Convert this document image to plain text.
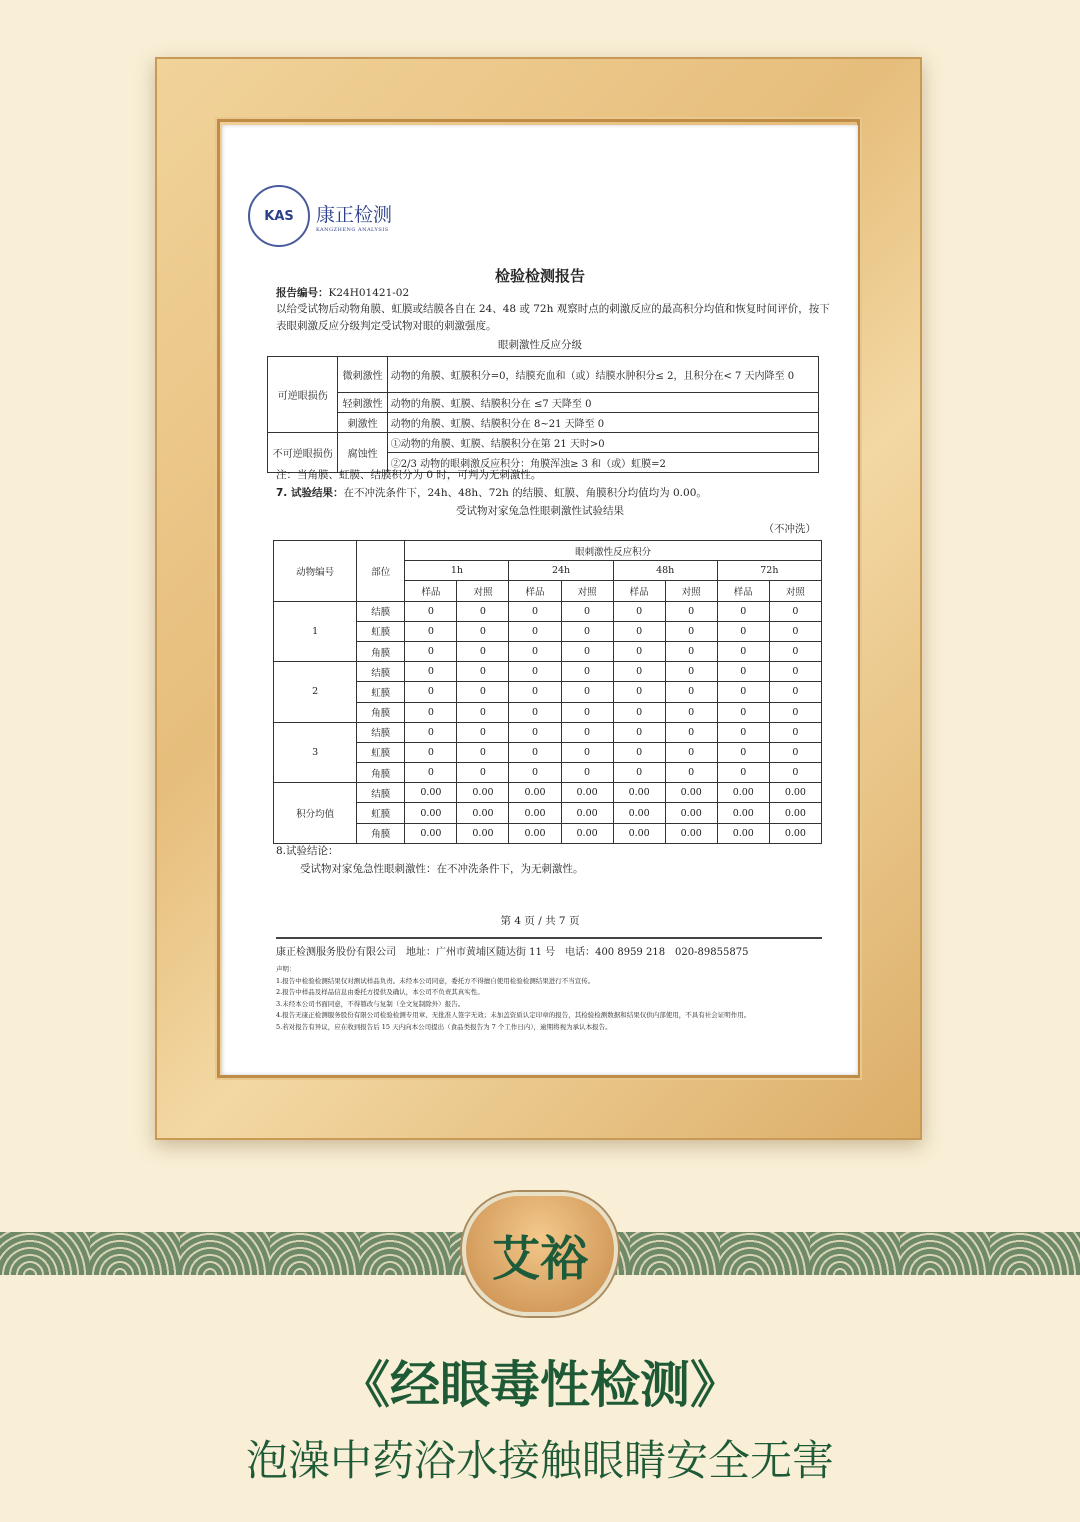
KAS	康正检测
KANGZHENG ANALYSIS
检验检测报告
报告编号：K24H01421-02
以给受试物后动物角膜、虹膜或结膜各自在 24、48 或 72h 观察时点的刺激反应的最高积分均值和恢复时间评价，按下表眼刺激反应分级判定受试物对眼的刺激强度。
眼刺激性反应分级
可逆眼损伤	微刺激性	动物的角膜、虹膜积分=0，结膜充血和（或）结膜水肿积分≤ 2，且积分在< 7 天内降至 0

	轻刺激性	动物的角膜、虹膜、结膜积分在 ≤7 天降至 0
	刺激性	动物的角膜、虹膜、结膜积分在 8~21 天降至 0
不可逆眼损伤	腐蚀性	①动物的角膜、虹膜、结膜积分在第 21 天时>0
		②2/3 动物的眼刺激反应积分：角膜浑浊≥ 3 和（或）虹膜=2
注：当角膜、虹膜、结膜积分为 0 时，可判为无刺激性。
7. 试验结果：在不冲洗条件下，24h、48h、72h 的结膜、虹膜、角膜积分均值均为 0.00。
受试物对家兔急性眼刺激性试验结果
（不冲洗）
动物编号	部位	眼刺激性反应积分							
		1h		24h		48h		72h	
		样品	对照	样品	对照	样品	对照	样品	对照
1	结膜	0	0	0	0	0	0	0	0
	虹膜	0	0	0	0	0	0	0	0
	角膜	0	0	0	0	0	0	0	0
2	结膜	0	0	0	0	0	0	0	0
	虹膜	0	0	0	0	0	0	0	0
	角膜	0	0	0	0	0	0	0	0
3	结膜	0	0	0	0	0	0	0	0
	虹膜	0	0	0	0	0	0	0	0
	角膜	0	0	0	0	0	0	0	0
积分均值	结膜	0.00	0.00	0.00	0.00	0.00	0.00	0.00	0.00
	虹膜	0.00	0.00	0.00	0.00	0.00	0.00	0.00	0.00
	角膜	0.00	0.00	0.00	0.00	0.00	0.00	0.00	0.00
8.试验结论：
受试物对家兔急性眼刺激性：在不冲洗条件下，为无刺激性。
第 4 页 / 共 7 页
康正检测服务股份有限公司　地址：广州市黄埔区随达街 11 号　电话：400 8959 218　020-89855875
声明：
1.报告中检验检测结果仅对测试样品负责。未经本公司同意，委托方不得擅自使用检验检测结果进行不当宣传。
2.报告中样品及样品信息由委托方提供及确认，本公司不负责其真实性。
3.未经本公司书面同意，不得篡改与复制（全文复制除外）报告。
4.报告无康正检测服务股份有限公司检验检测专用章、无批准人签字无效；未加盖资质认定印章的报告，其检验检测数据和结果仅供内部使用，不具有社会证明作用。
5.若对报告有异议，应在收到报告后 15 天内向本公司提出（食品类报告为 7 个工作日内），逾期将视为承认本报告。
艾裕
《经眼毒性检测》
泡澡中药浴水接触眼睛安全无害
